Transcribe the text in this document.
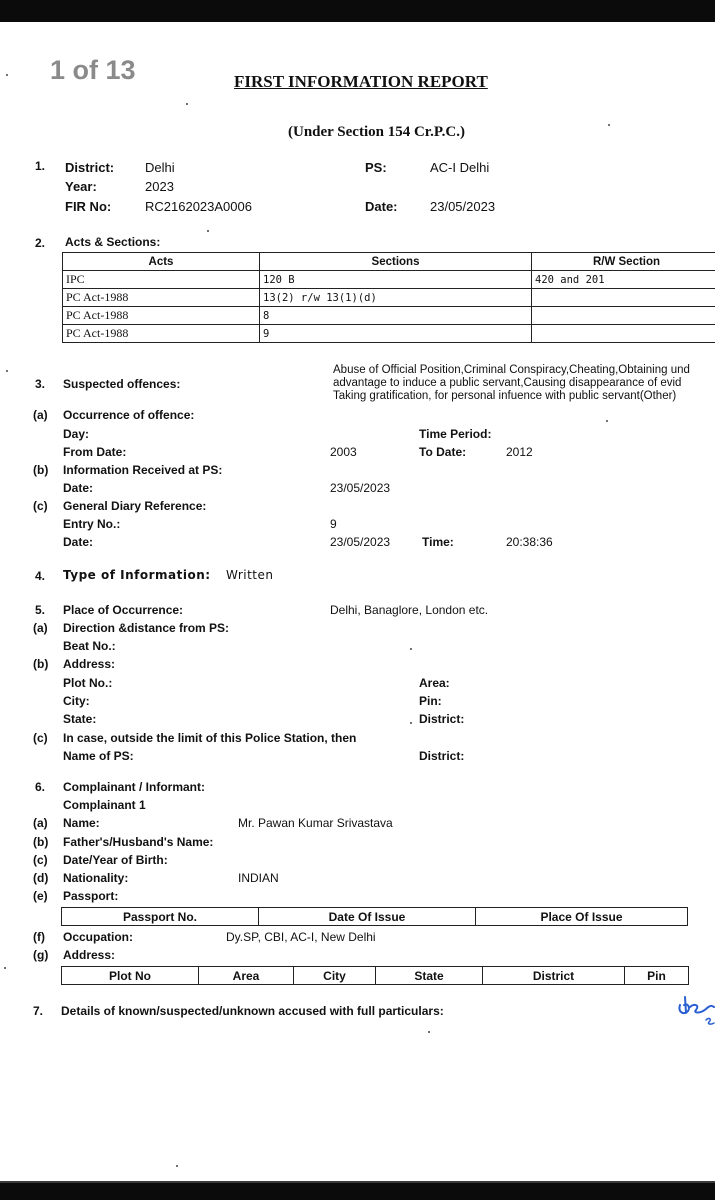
1 of 13	FIRST INFORMATION REPORT
(Under Section 154 Cr.P.C.)
1. District: Delhi	PS:	AC-I Delhi
Year:	2023
FIR No:	RC2162023A0006	Date: 23/05/2023
2. Acts & Sections:
Acts	Sections	R/W Section
IPC	120 B	420 and 201
PC Act-1988	13(2) r/w 13(1)(d)	
PC Act-1988	8	
PC Act-1988	9	
Abuse of Official Position,Criminal Conspiracy,Cheating,Obtaining und
advantage to induce a public servant,Causing disappearance of evid
Taking gratification, for personal infuence with public servant(Other)
3. Suspected offences:
(a) Occurrence of offence:
Day:	Time Period:
From Date:	2003	To Date:	2012
(b) Information Received at PS:
Date:	23/05/2023
(c) General Diary Reference:
Entry No.:	9
Date:	23/05/2023	Time:	20:38:36
4. Type of Information: Written
5. Place of Occurrence:	Delhi, Banaglore, London etc.
(a) Direction &distance from PS:
Beat No.:
(b) Address:
Plot No.:	Area:
City:	Pin:
State:	District:
(c) In case, outside the limit of this Police Station, then
Name of PS:	District:
6. Complainant / Informant:
Complainant 1
(a) Name:	Mr. Pawan Kumar Srivastava
(b) Father's/Husband's Name:
(c) Date/Year of Birth:
(d) Nationality:	INDIAN
(e) Passport:
Passport No.	Date Of Issue	Place Of Issue
(f) Occupation:	Dy.SP, CBI, AC-I, New Delhi
(g) Address:
Plot No	Area	City	State	District	Pin
7. Details of known/suspected/unknown accused with full particulars:
